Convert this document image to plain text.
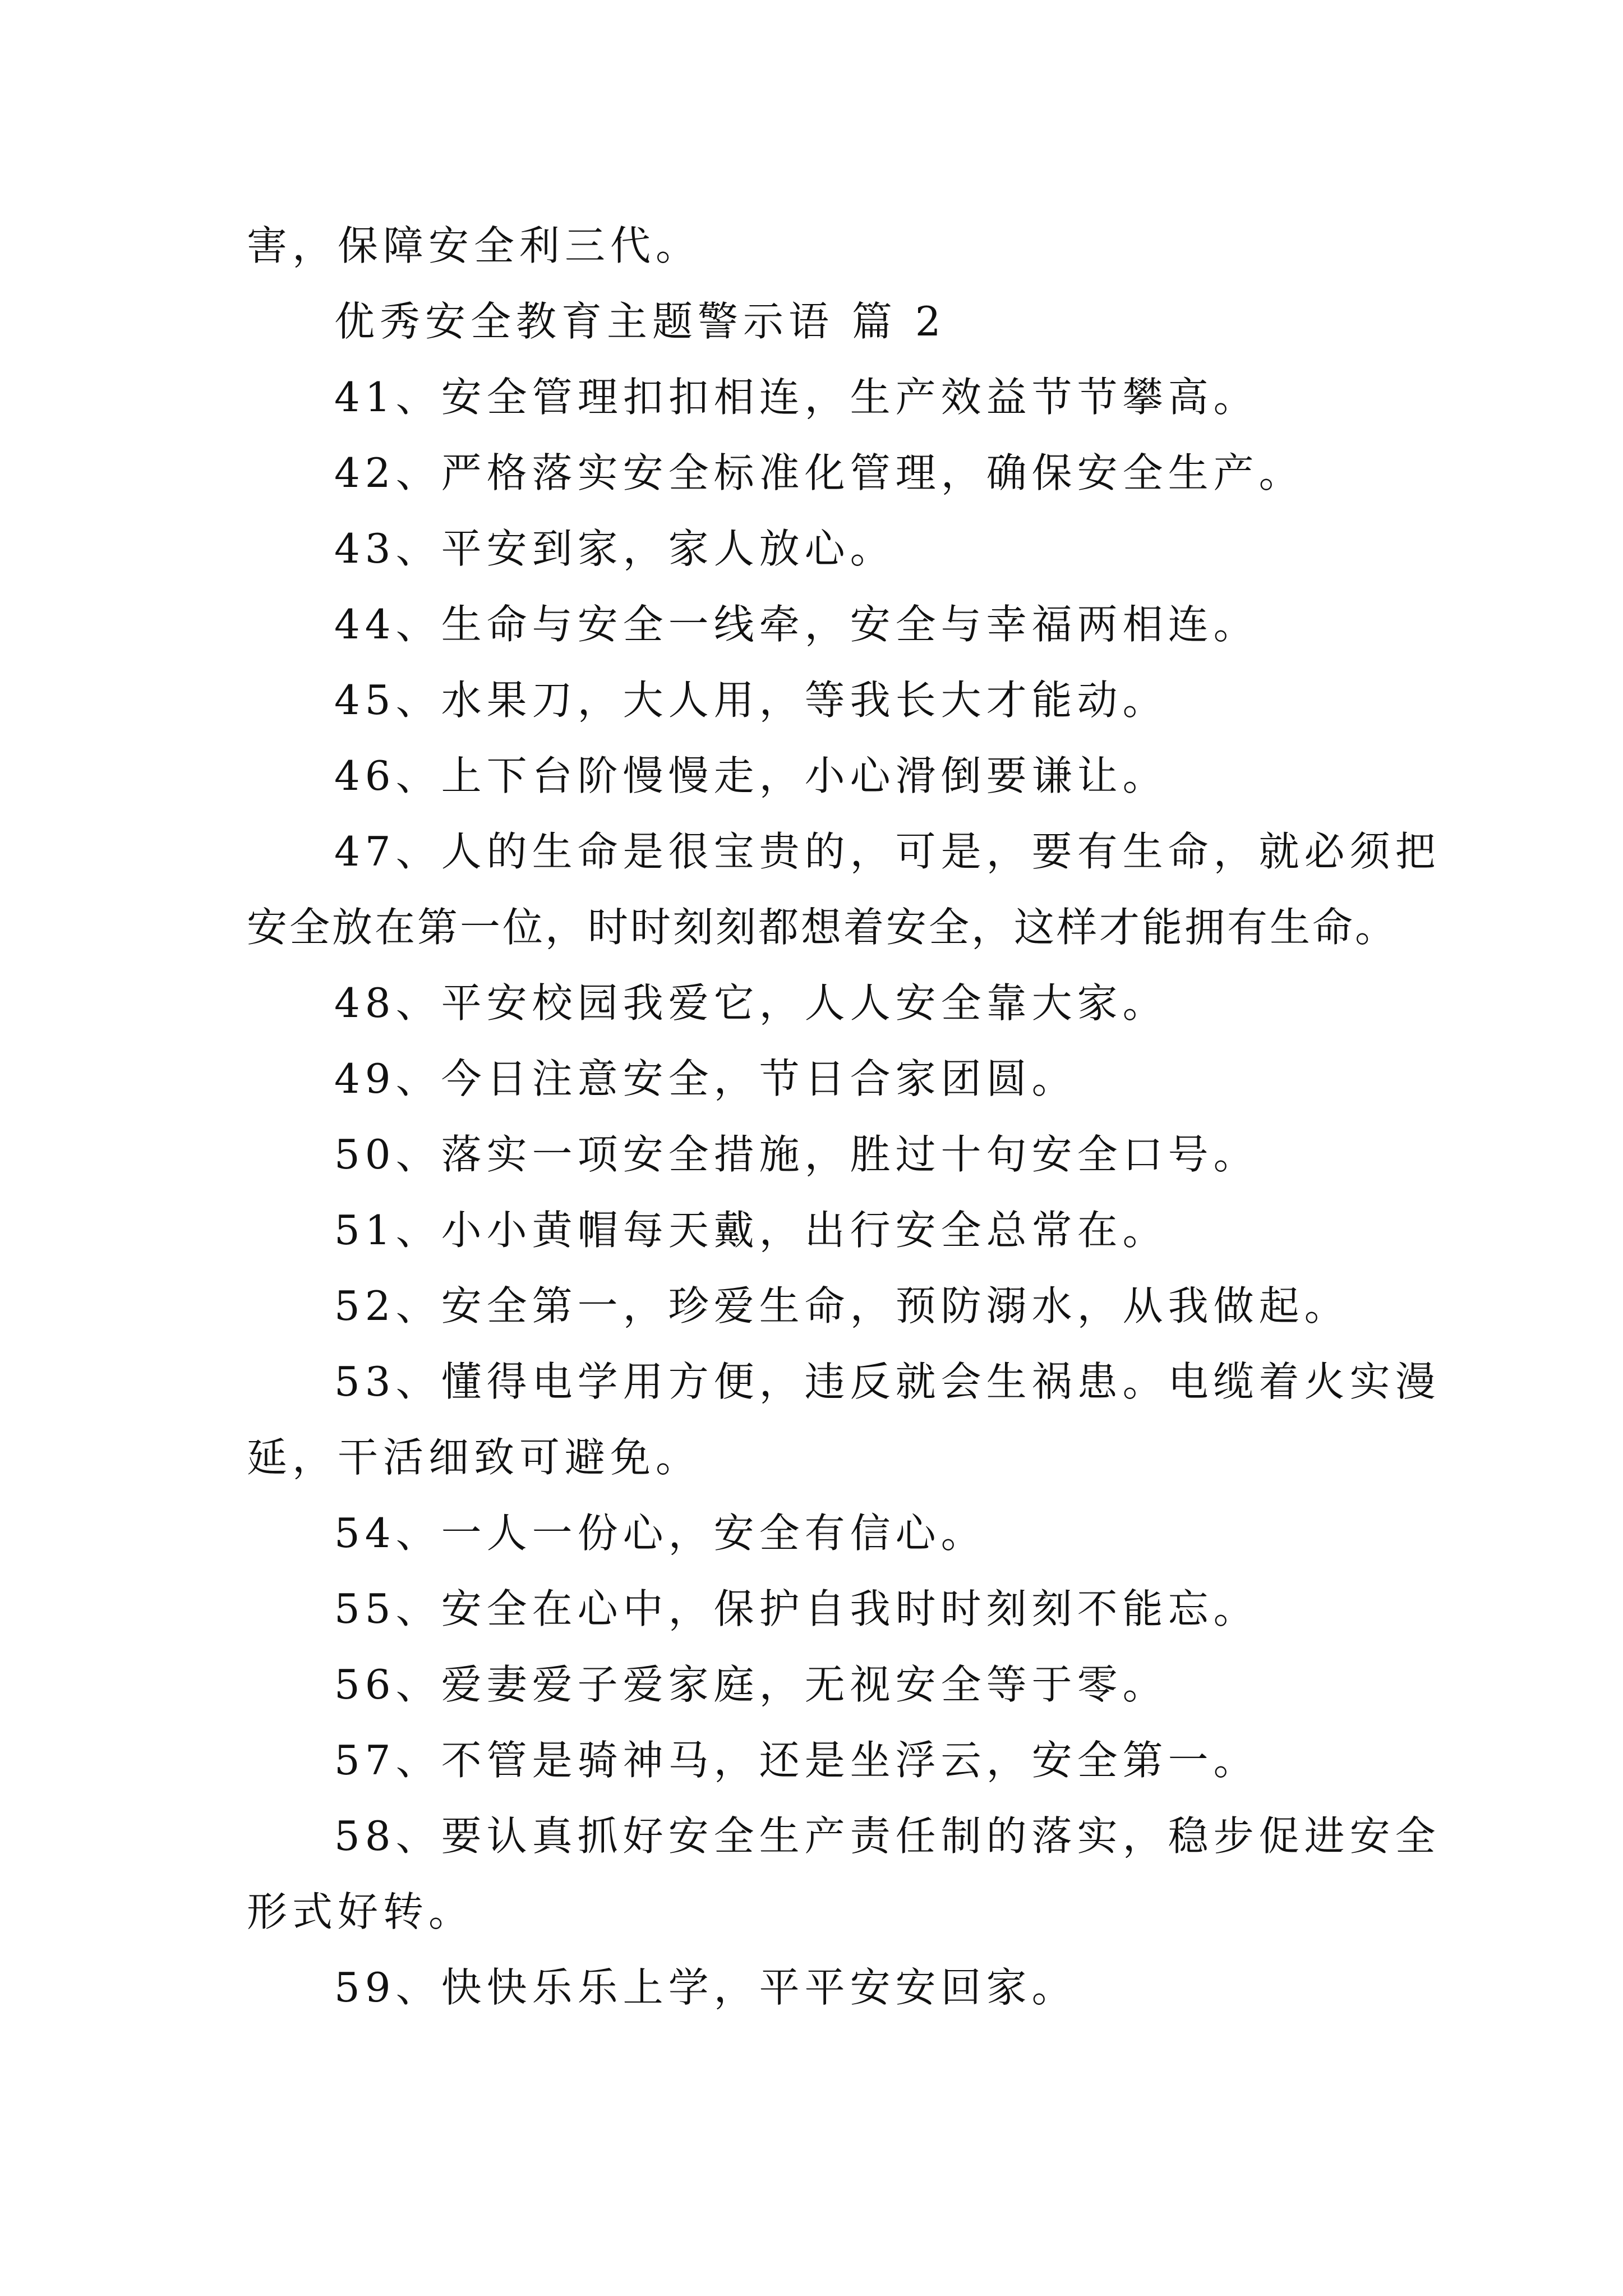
害，保障安全利三代。
优秀安全教育主题警示语 篇 2
41、安全管理扣扣相连，生产效益节节攀高。
42、严格落实安全标准化管理，确保安全生产。
43、平安到家，家人放心。
44、生命与安全一线牵，安全与幸福两相连。
45、水果刀，大人用，等我长大才能动。
46、上下台阶慢慢走，小心滑倒要谦让。
47、人的生命是很宝贵的，可是，要有生命，就必须把
安全放在第一位，时时刻刻都想着安全，这样才能拥有生命。
48、平安校园我爱它，人人安全靠大家。
49、今日注意安全，节日合家团圆。
50、落实一项安全措施，胜过十句安全口号。
51、小小黄帽每天戴，出行安全总常在。
52、安全第一，珍爱生命，预防溺水，从我做起。
53、懂得电学用方便，违反就会生祸患。电缆着火实漫
延，干活细致可避免。
54、一人一份心，安全有信心。
55、安全在心中，保护自我时时刻刻不能忘。
56、爱妻爱子爱家庭，无视安全等于零。
57、不管是骑神马，还是坐浮云，安全第一。
58、要认真抓好安全生产责任制的落实，稳步促进安全
形式好转。
59、快快乐乐上学，平平安安回家。
